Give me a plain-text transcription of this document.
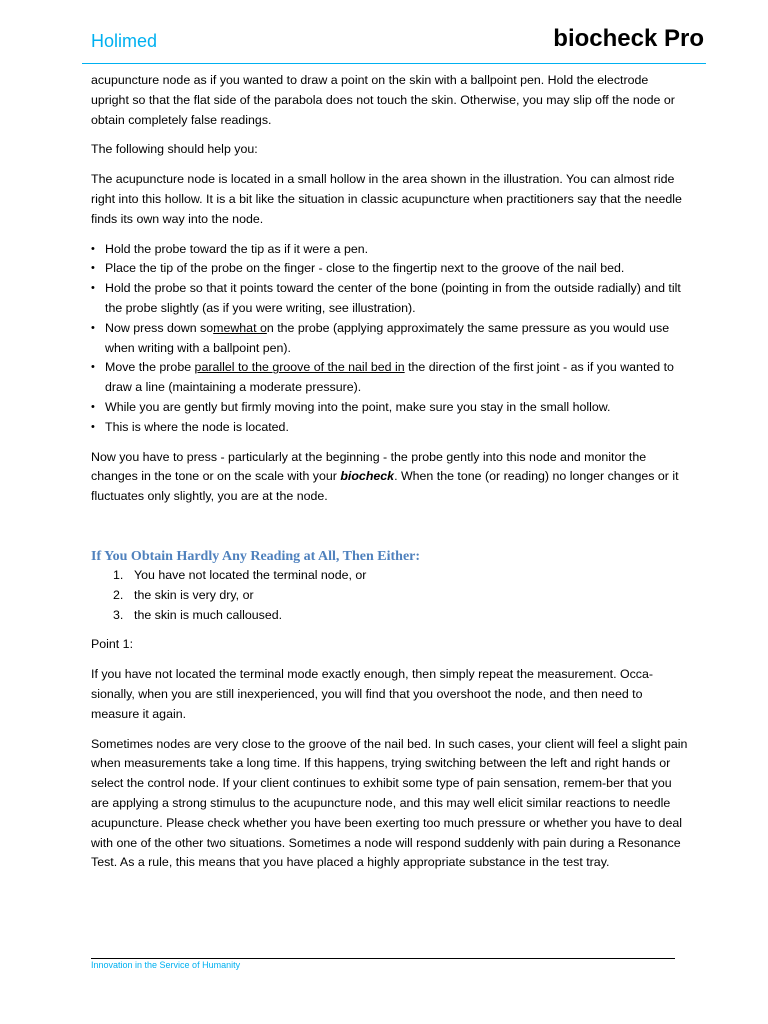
Holimed	biocheck Pro

acupuncture node as if you wanted to draw a point on the skin with a ballpoint pen. Hold the electrode upright so that the flat side of the parabola does not touch the skin. Otherwise, you may slip off the node or obtain completely false readings.

The following should help you:

The acupuncture node is located in a small hollow in the area shown in the illustration. You can almost ride right into this hollow. It is a bit like the situation in classic acupuncture when practitioners say that the needle finds its own way into the node.

• Hold the probe toward the tip as if it were a pen.
• Place the tip of the probe on the finger - close to the fingertip next to the groove of the nail bed.
• Hold the probe so that it points toward the center of the bone (pointing in from the outside radially) and tilt the probe slightly (as if you were writing, see illustration).
• Now press down somewhat on the probe (applying approximately the same pressure as you would use when writing with a ballpoint pen).
• Move the probe parallel to the groove of the nail bed in the direction of the first joint - as if you wanted to draw a line (maintaining a moderate pressure).
• While you are gently but firmly moving into the point, make sure you stay in the small hollow.
• This is where the node is located.

Now you have to press - particularly at the beginning - the probe gently into this node and monitor the changes in the tone or on the scale with your biocheck. When the tone (or reading) no longer changes or it fluctuates only slightly, you are at the node.

If You Obtain Hardly Any Reading at All, Then Either:
1. You have not located the terminal node, or
2. the skin is very dry, or
3. the skin is much calloused.

Point 1:

If you have not located the terminal mode exactly enough, then simply repeat the measurement. Occa-sionally, when you are still inexperienced, you will find that you overshoot the node, and then need to measure it again.

Sometimes nodes are very close to the groove of the nail bed. In such cases, your client will feel a slight pain when measurements take a long time. If this happens, trying switching between the left and right hands or select the control node. If your client continues to exhibit some type of pain sensation, remem-ber that you are applying a strong stimulus to the acupuncture node, and this may well elicit similar reactions to needle acupuncture. Please check whether you have been exerting too much pressure or whether you have to deal with one of the other two situations. Sometimes a node will respond suddenly with pain during a Resonance Test. As a rule, this means that you have placed a highly appropriate substance in the test tray.

Innovation in the Service of Humanity
